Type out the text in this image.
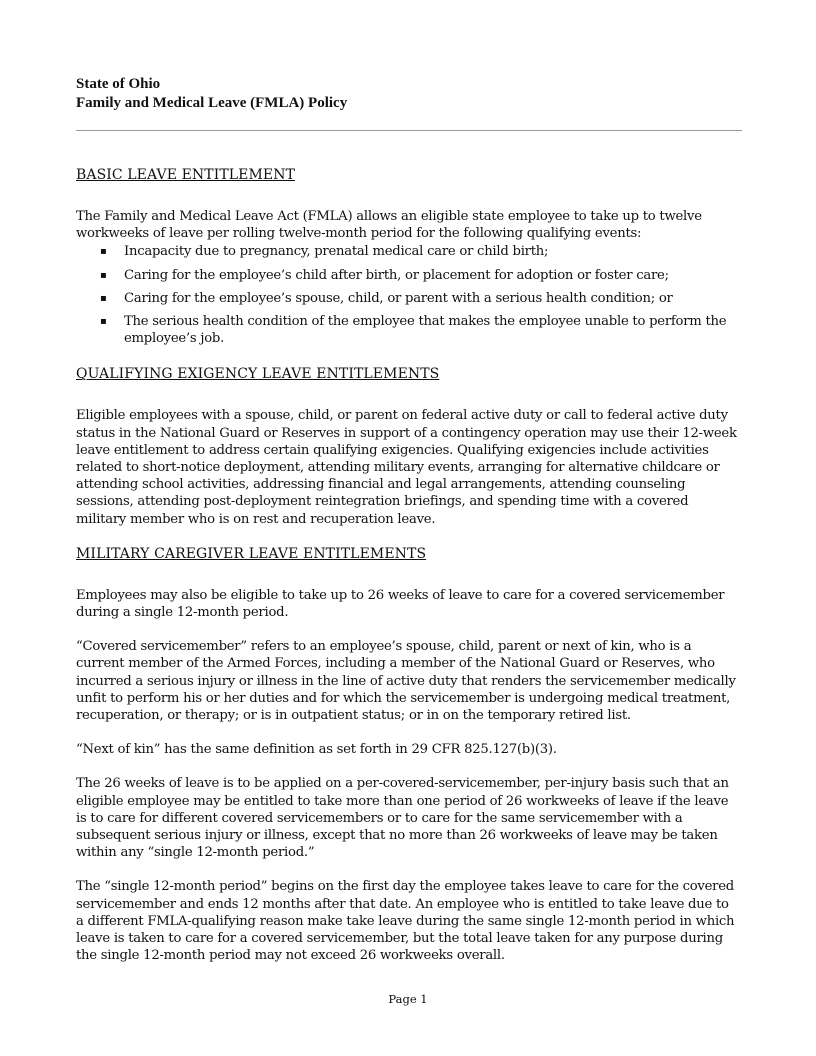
State of Ohio
Family and Medical Leave (FMLA) Policy
BASIC LEAVE ENTITLEMENT

The Family and Medical Leave Act (FMLA) allows an eligible state employee to take up to twelve workweeks of leave per rolling twelve-month period for the following qualifying events:

▪ Incapacity due to pregnancy, prenatal medical care or child birth;
▪ Caring for the employee’s child after birth, or placement for adoption or foster care;
▪ Caring for the employee’s spouse, child, or parent with a serious health condition; or
▪ The serious health condition of the employee that makes the employee unable to perform the employee’s job.
QUALIFYING EXIGENCY LEAVE ENTITLEMENTS

Eligible employees with a spouse, child, or parent on federal active duty or call to federal active duty status in the National Guard or Reserves in support of a contingency operation may use their 12-week leave entitlement to address certain qualifying exigencies. Qualifying exigencies include activities related to short-notice deployment, attending military events, arranging for alternative childcare or attending school activities, addressing financial and legal arrangements, attending counseling sessions, attending post-deployment reintegration briefings, and spending time with a covered military member who is on rest and recuperation leave.

MILITARY CAREGIVER LEAVE ENTITLEMENTS

Employees may also be eligible to take up to 26 weeks of leave to care for a covered servicemember during a single 12-month period.

“Covered servicemember” refers to an employee’s spouse, child, parent or next of kin, who is a current member of the Armed Forces, including a member of the National Guard or Reserves, who incurred a serious injury or illness in the line of active duty that renders the servicemember medically unfit to perform his or her duties and for which the servicemember is undergoing medical treatment, recuperation, or therapy; or is in outpatient status; or in on the temporary retired list.

“Next of kin” has the same definition as set forth in 29 CFR 825.127(b)(3).

The 26 weeks of leave is to be applied on a per-covered-servicemember, per-injury basis such that an eligible employee may be entitled to take more than one period of 26 workweeks of leave if the leave is to care for different covered servicemembers or to care for the same servicemember with a subsequent serious injury or illness, except that no more than 26 workweeks of leave may be taken within any “single 12-month period.”

The “single 12-month period” begins on the first day the employee takes leave to care for the covered servicemember and ends 12 months after that date. An employee who is entitled to take leave due to a different FMLA-qualifying reason make take leave during the same single 12-month period in which leave is taken to care for a covered servicemember, but the total leave taken for any purpose during the single 12-month period may not exceed 26 workweeks overall.

Page 1
